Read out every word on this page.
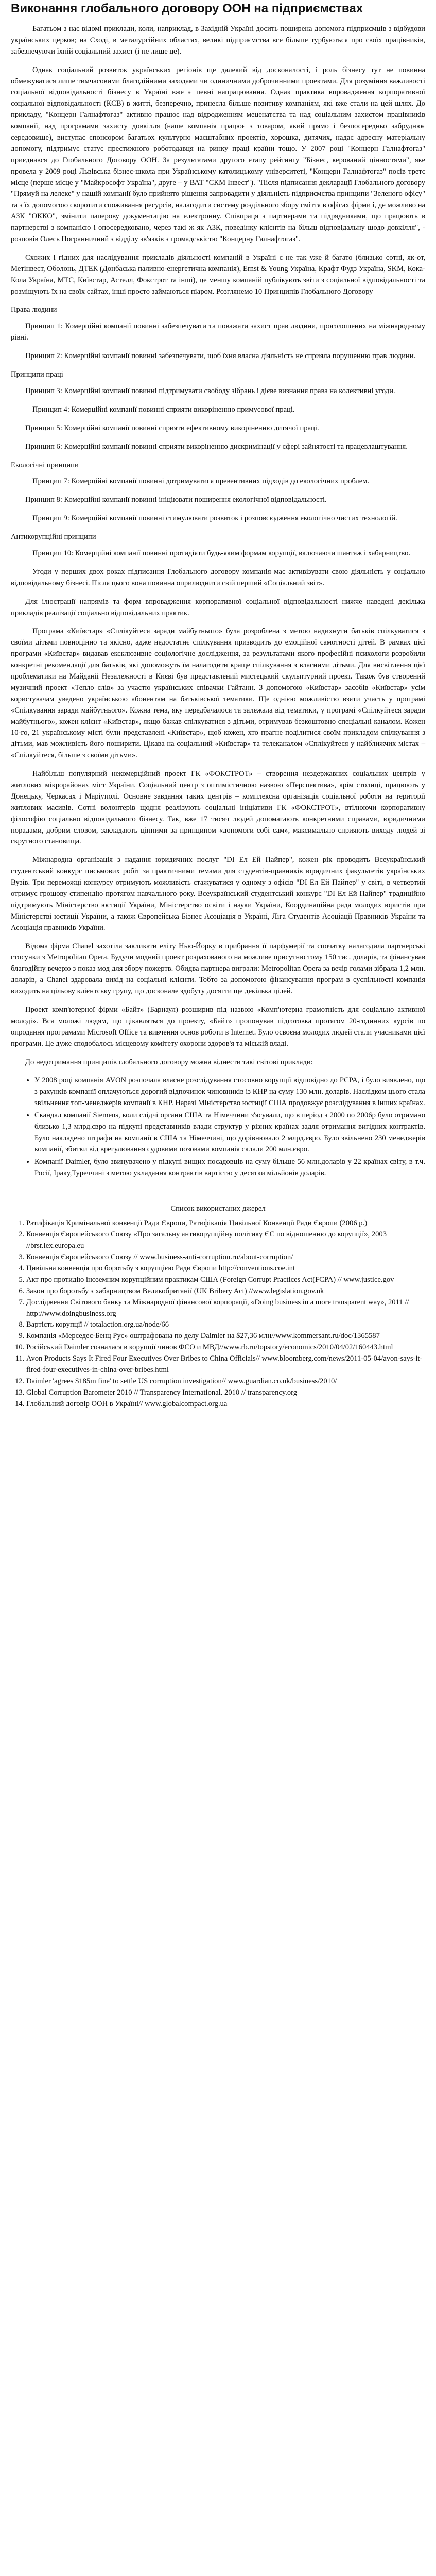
Виконання глобального договору ООН на підприємствах

Багатьом з нас відомі приклади, коли, наприклад, в Західній Україні досить поширена допомога підприємців з відбудови українських церков; на Сході, в металургійних областях, великі підприємства все більше турбуються про своїх працівників, забезпечуючи їхній соціальний захист (і не лише це).

Однак соціальний розвиток українських регіонів ще далекий від досконалості, і роль бізнесу тут не повинна обмежуватися лише тимчасовими благодійними заходами чи одиничними доброчинними проектами. Для розуміння важливості соціальної відповідальності бізнесу в Україні вже є певні напрацювання. Однак практика впровадження корпоративної соціальної відповідальності (КСВ) в житті, безперечно, принесла більше позитиву компаніям, які вже стали на цей шлях. До прикладу, "Концерн Галнафтогаз" активно працює над відродженням меценатства та над соціальним захистом працівників компанії, над програмами захисту довкілля (наше компанія працює з товаром, який прямо і безпосередньо забруднює середовище), виступає спонсором багатьох культурно масштабних проектів, хорошка, дитячих, надає адресну матеріальну допомогу, підтримує статус престижного роботодавця на ринку праці країни тощо. У 2007 році "Концерн Галнафтогаз" приєднався до Глобального Договору ООН. За результатами другого етапу рейтингу "Бізнес, керований цінностями", яке провела у 2009 році Львівська бізнес-школа при Українському католицькому університеті, "Концерн Галнафтогаз" посів третє місце (перше місце у "Майкрософт Україна", друге – у ВАТ "СКМ Інвест"). "Після підписання декларації Глобального договору "Прямуй на лелеке" у нашій компанії було прийнято рішення запровадити у діяльність підприємства принципи "Зеленого офісу" та з їх допомогою скоротити споживання ресурсів, налагодити систему роздільного збору сміття в офісах фірми і, де можливо на АЗК "ОККО", змінити паперову документацію на електронну. Співпраця з партнерами та підрядниками, що працюють в партнерстві з компанією і опосередковано, через такі ж як АЗК, поведінку клієнтів на більш відповідальну щодо довкілля", - розповів Олесь Погранничний з відділу зв'язків з громадськістю "Концерну Галнафтогаз".

Схожих і гідних для наслідування прикладів діяльності компаній в Україні є не так уже й багато (близько сотні, як-от, Метінвест, Оболонь, ДТЕК (Донбаська паливно-енергетична компанія), Ernst & Young Україна, Крафт Фудз Україна, SKM, Кока-Кола Україна, МТС, Київстар, Астелл, Фокстрот та інші), це меншу компаній публікують звіти з соціальної відповідальності та розміщують їх на своїх сайтах, інші просто займаються піаром. Розглянемо 10 Принципів Глобального Договору

Права людини

Принцип 1: Комерційні компанії повинні забезпечувати та поважати захист прав людини, проголошених на міжнародному рівні.

Принцип 2: Комерційні компанії повинні забезпечувати, щоб їхня власна діяльність не сприяла порушенню прав людини.

Принципи праці

Принцип 3: Комерційні компанії повинні підтримувати свободу зібрань і дієве визнання права на колективні угоди.

Принцип 4: Комерційні компанії повинні сприяти викоріненню примусової праці.

Принцип 5: Комерційні компанії повинні сприяти ефективному викоріненню дитячої праці.

Принцип 6: Комерційні компанії повинні сприяти викоріненню дискримінації у сфері зайнятості та працевлаштування.

Екологічні принципи

Принцип 7: Комерційні компанії повинні дотримуватися превентивних підходів до екологічних проблем.

Принцип 8: Комерційні компанії повинні ініціювати поширення екологічної відповідальності.

Принцип 9: Комерційні компанії повинні стимулювати розвиток і розповсюдження екологічно чистих технологій.

Антикорупційні принципи

Принцип 10: Комерційні компанії повинні протидіяти будь-яким формам корупції, включаючи шантаж і хабарництво.

Угоди у перших двох роках підписання Глобального договору компанія має активізувати свою діяльність у соціально відповідальному бізнесі. Після цього вона повинна оприлюднити свій перший «Соціальний звіт».

Для ілюстрації напрямів та форм впровадження корпоративної соціальної відповідальності нижче наведені декілька прикладів реалізації соціально відповідальних практик.

Програма «Київстар» «Сплікуйтеся заради майбутнього» була розроблена з метою надихнути батьків спілкуватися з своїми дітьми повноцінно та якісно, адже недостатнє спілкування призводить до емоційної самотності дітей. В рамках цієї програми «Київстар» видавав ексклюзивне соціологічне дослідження, за результатами якого професійні психологи розробили конкретні рекомендації для батьків, які допоможуть їм налагодити краще спілкування з власними дітьми. Для висвітлення цієї проблематики на Майданіі Незалежності в Києві був представлений мистецький скульптурний проект. Також був створений музичний проект «Тепло слів» за участю українських співачки Гайтанн. З допомогою «Київстар» засобів «Київстар» усім користувачам уведено українською абонентам на батьківської тематики. Ще однією можливістю взяти участь у програмі «Спілкування заради майбутнього». Кожна тема, яку передбачалося та залежала від тематики, у програмі «Спілкуйтеся заради майбутнього», кожен клієнт «Київстар», якщо бажав спілкуватися з дітьми, отримував безкоштовно спеціальні каналом. Кожен 10-го, 21 українському місті були представлені «Київстар», щоб кожен, хто прагне поділитися своїм прикладом спілкування з дітьми, мав можливість його поширити. Цікава на соціальний «Київстар» та телеканалом «Сплікуйтеся у найближчих містах – «Спілкуйтеся, більше з своїми дітьми».

Найбільш популярний некомерційний проект ГК «ФОКСТРОТ» – створення нездержавних соціальних центрів у житлових мікрорайонах міст України. Соціальний центр з оптимістичною назвою «Перспектива», крім столиці, працюють у Донецьку, Черкасах і Маріуполі. Основне завдання таких центрів – комплексна організація соціальної роботи на території житлових масивів. Сотні волонтерів щодня реалізують соціальні ініціативи ГК «ФОКСТРОТ», втілюючи корпоративну філософію соціально відповідального бізнесу. Так, вже 17 тисяч людей допомагають конкретними справами, юридичними порадами, добрим словом, закладають цінними за принципом «допомоги собі сам», максимально сприяють виходу людей зі скрутного становища.

Міжнародна організація з надання юридичних послуг "DI Ел Ей Пайпер", кожен рік проводить Всеукраїнський студентський конкурс письмових робіт за практичними темами для студентів-правників юридичних факультетів українських Вузів. Три переможці конкурсу отримують можливість стажуватися у одному з офісів "DI Ел Ей Пайпер" у світі, в четвертий отримує грошову стипендію протягом навчального року. Всеукраїнський студентський конкурс "DI Ел Ей Пайпер" традиційно підтримують Міністерство юстиції України, Міністерство освіти і науки України, Координаційна рада молодих юристів при Міністерстві юстиції України, а також Європейська Бізнес Асоціація в Україні, Ліга Студентів Асоціації Правників України та Асоціація правників України.

Відома фірма Chanel захотіла закликати еліту Нью-Йорку в прибрання її парфумерії та спочатку налагодила партнерські стосунки з Metropolitan Opera. Будучи модний проект розрахованого на можливе присутню тому 150 тис. доларів, та фінансував благодійну вечерю з показ мод для збору пожертв. Обидва партнера виграли: Metropolitan Opera за вечір голами зібрала 1,2 млн. доларів, а Chanel здаровала вихід на соціальні клієнти. Тобто за допомогою фінансування програм в суспільності компанія виходить на цільову клієнтську групу, що досконале здобуту досягти ще декілька цілей.

Проект комп'ютерної фірми «Байт» (Барнаул) розширив під назвою «Комп'ютерна грамотність для соціально активної молоді». Вся моложі людям, що цікавляться до проекту, «Байт» пропонував підготовка протягом 20-годинних курсів по опродання програмами Microsoft Office та вивчення основ роботи в Internet. Було освоєна молодих людей стали учасниками цієї програми. Це дуже сподобалось місцевому комітету охорони здоров'я та міській владі.

До недотримання принципів глобального договору можна віднести такі світові приклади:

• У 2008 році компанія AVON розпочала власне розслідування стосовно корупції відповідно до РСРА, і було виявлено, що з рахунків компанії оплачуються дорогий відпочинок чиновників із КНР на суму 130 млн. доларів. Наслідком цього стала звільнення топ-менеджерів компанії в КНР. Наразі Міністерство юстиції США продовжує розслідування в інших країнах.
• Скандал компанії Siemens, коли слідчі органи США та Німеччини з'ясували, що в період з 2000 по 2006р було отримано близько 1,3 млрд.євро на підкупі представників влади структур у різних країнах задля отримання вигідних контрактів. Було накладено штрафи на компанії в США та Німеччині, що дорівнювало 2 млрд.євро. Було звільнено 230 менеджерів компанії, збитки від врегулювання судовими позовами компанія склали 200 млн.євро.
• Компанії Daimler, було звинувачено у підкупі вищих посадовців на суму більше 56 млн.доларів у 22 країнах світу, в т.ч. Росії, Іраку,Туреччині з метою укладання контрактів вартістю у десятки мільйонів доларів.
Список використаних джерел
1. Ратифікація Кримінальної конвенції Ради Європи, Ратифікація Цивільної Конвенції Ради Європи (2006 р.)
2. Конвенція Європейського Союзу «Про загальну антикорупційну політику ЄС по відношенню до корупції», 2003 //brsr.lex.europa.eu
3. Конвенція Європейського Союзу // www.business-anti-corruption.ru/about-corruption/
4. Цивільна конвенція про боротьбу з корупцією Ради Європи http://conventions.coe.int
5. Акт про протидію іноземним корупційним практикам США (Foreign Corrupt Practices Act(FCPA) // www.justice.gov
6. Закон про боротьбу з хабарництвом Великобританії (UK Bribery Act) //www.legislation.gov.uk
7. Дослідження Світового банку та Міжнародної фінансової корпорації, «Doing business in a more transparent way», 2011 // http://www.doingbusiness.org
8. Вартість корупції // totalaction.org.ua/node/66
9. Компанія «Мерседес-Бенц Рус» оштрафована по делу Daimler на $27,36 млн//www.kommersant.ru/doc/1365587
10. Російський Daimler созналася в корупції чинов ФСО и МВД//www.rb.ru/topstory/economics/2010/04/02/160443.html
11. Avon Products Says It Fired Four Executives Over Bribes to China Officials// www.bloomberg.com/news/2011-05-04/avon-says-it-fired-four-executives-in-china-over-bribes.html
12. Daimler 'agrees $185m fine' to settle US corruption investigation// www.guardian.co.uk/business/2010/
13. Global Corruption Barometer 2010 // Transparency International. 2010 // transparency.org
14. Глобальний договір ООН в Україні// www.globalcompact.org.ua
